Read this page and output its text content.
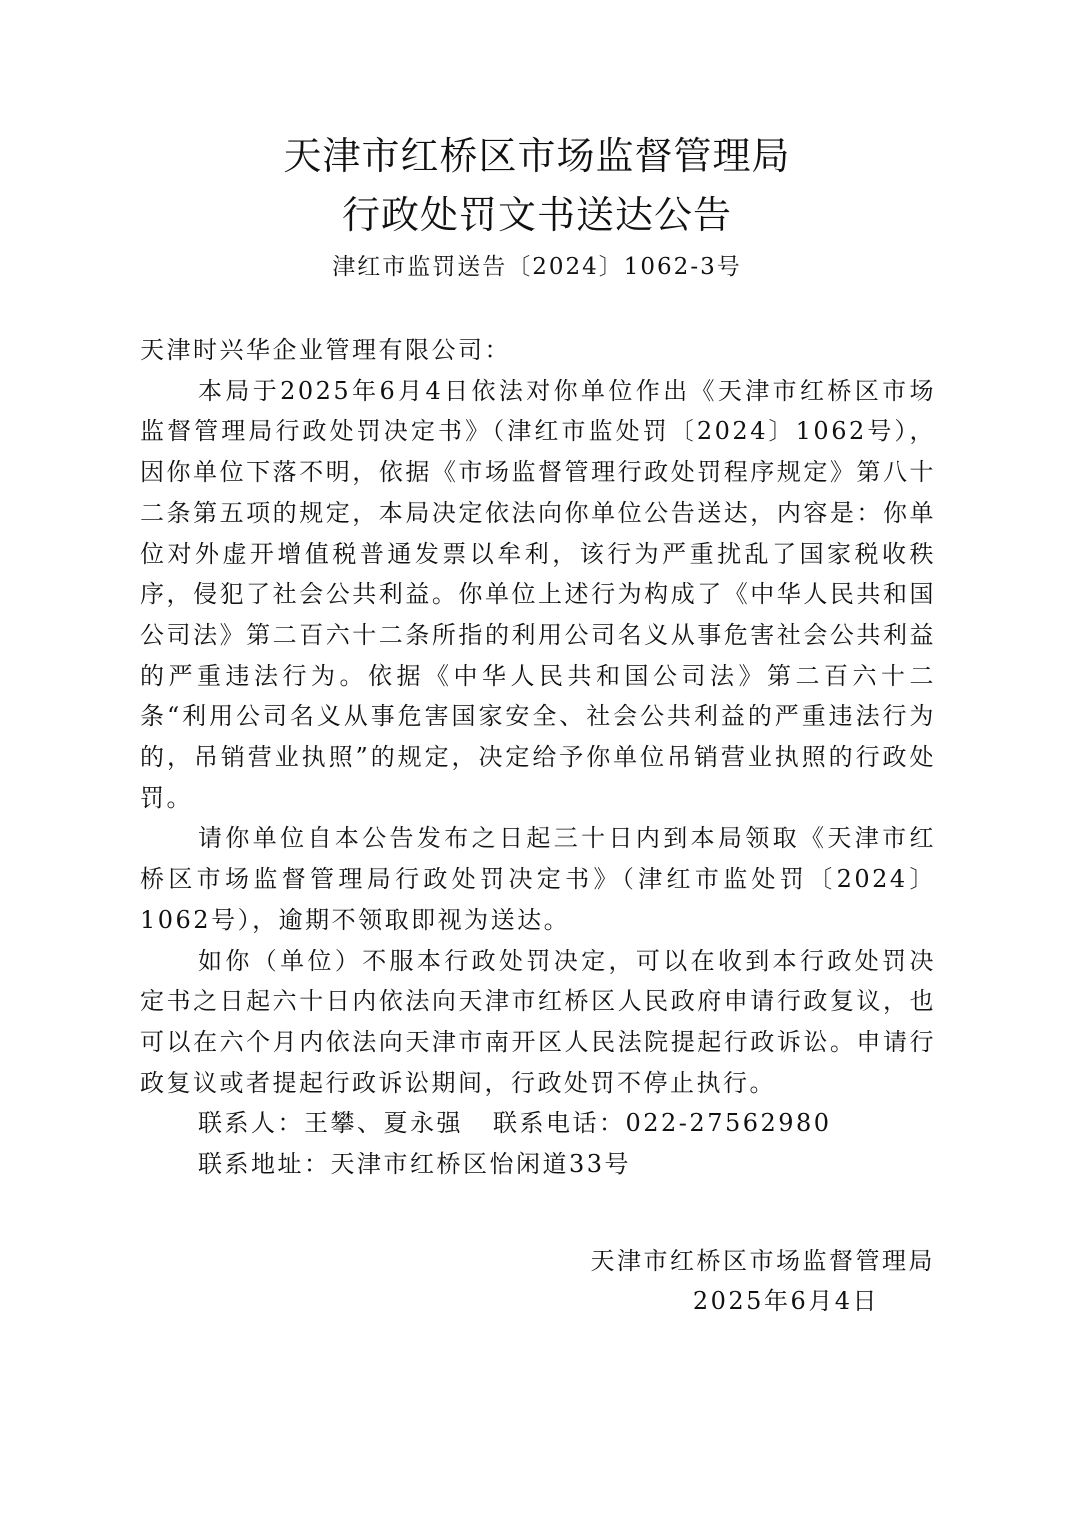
天津市红桥区市场监督管理局
行政处罚文书送达公告
津红市监罚送告〔2024〕1062-3号

天津时兴华企业管理有限公司：

本局于2025年6月4日依法对你单位作出《天津市红桥区市场监督管理局行政处罚决定书》（津红市监处罚〔2024〕1062号），因你单位下落不明，依据《市场监督管理行政处罚程序规定》第八十二条第五项的规定，本局决定依法向你单位公告送达，内容是：你单位对外虚开增值税普通发票以牟利，该行为严重扰乱了国家税收秩序，侵犯了社会公共利益。你单位上述行为构成了《中华人民共和国公司法》第二百六十二条所指的利用公司名义从事危害社会公共利益的严重违法行为。依据《中华人民共和国公司法》第二百六十二条“利用公司名义从事危害国家安全、社会公共利益的严重违法行为的，吊销营业执照”的规定，决定给予你单位吊销营业执照的行政处罚。

请你单位自本公告发布之日起三十日内到本局领取《天津市红桥区市场监督管理局行政处罚决定书》（津红市监处罚〔2024〕1062号），逾期不领取即视为送达。

如你（单位）不服本行政处罚决定，可以在收到本行政处罚决定书之日起六十日内依法向天津市红桥区人民政府申请行政复议，也可以在六个月内依法向天津市南开区人民法院提起行政诉讼。申请行政复议或者提起行政诉讼期间，行政处罚不停止执行。

联系人：王攀、夏永强 联系电话：022-27562980

联系地址：天津市红桥区怡闲道33号

天津市红桥区市场监督管理局
2025年6月4日
